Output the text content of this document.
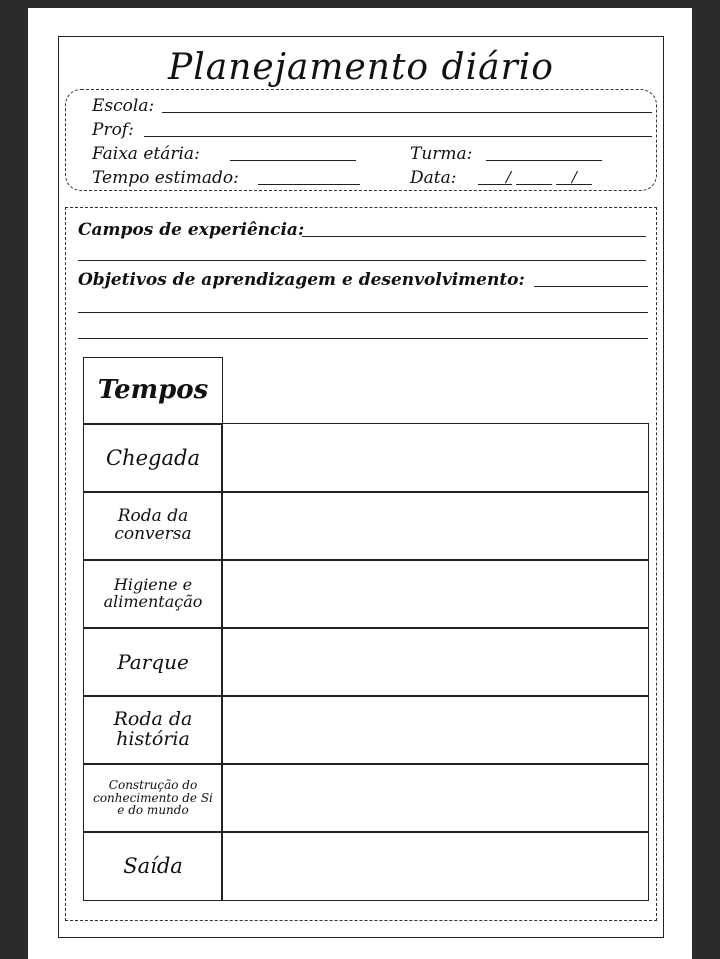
Planejamento diário
Escola:
Prof:
Faixa etária:	Turma:
Tempo estimado:	Data:	/ /
Campos de experiência:
Objetivos de aprendizagem e desenvolvimento:
Tempos
Chegada
Roda da conversa
Higiene e alimentação
Parque
Roda da história
Construção do conhecimento de Si e do mundo
Saída
